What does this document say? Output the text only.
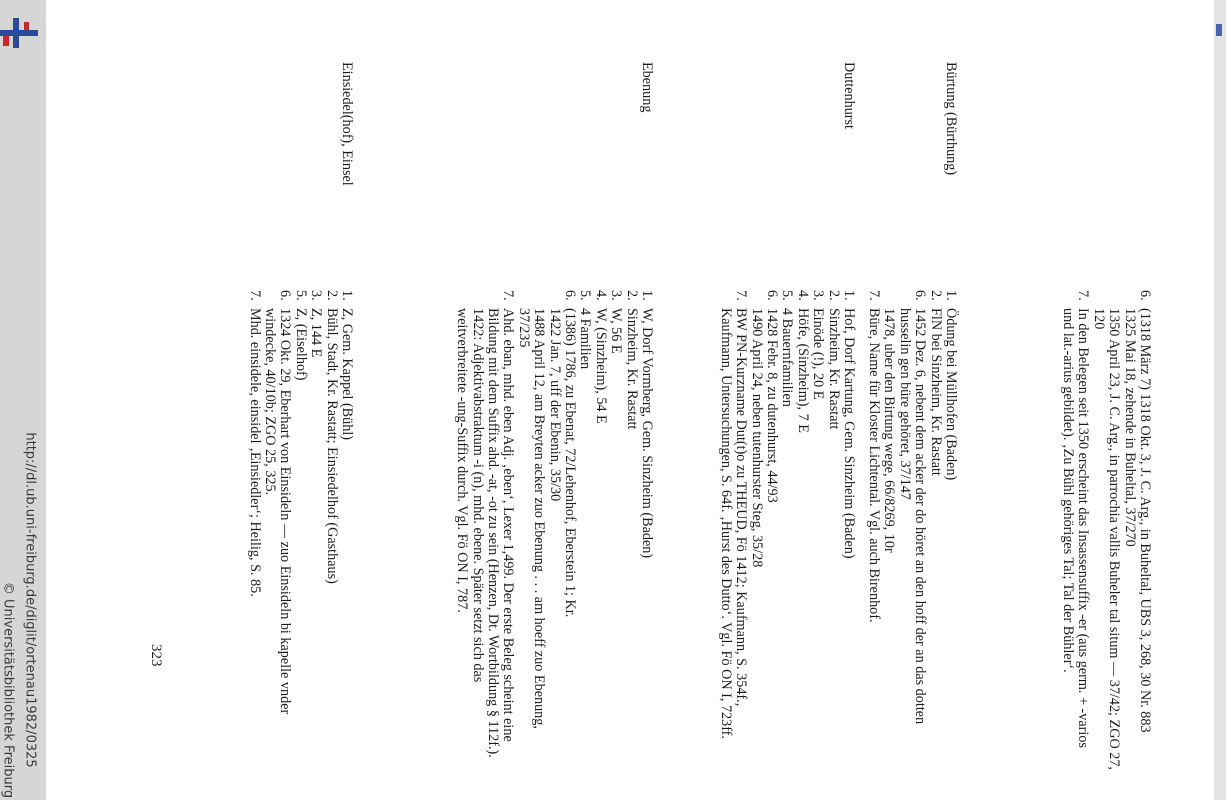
http://dl.ub.uni-freiburg.de/diglit/ortenau1982/0325
© Universitätsbibliothek Freiburg
6.
(1318 März 7) 1318 Okt. 3, J. C. Arg., in Buheltal, UBS 3, 268, 30 Nr. 883
1325 Mai 18, zehende in Buheltal, 37/270
1350 April 23, J. C. Arg., in parrochia vallis Buheler tal situm — 37/42; ZGO 27, 120
7.
In den Belegen seit 1350 erscheint das Insassensuffix -er (aus germ. + -varios und lat.-arius gebildet). ‚Zu Bühl gehöriges Tal; Tal der Bühler‘.
Bürtung (Bürthung)
1.
Ödung bei Müllhofen (Baden)
2.
FlN bei Sinzheim, Kr. Rastatt
6.
1452 Dez. 6, nebent dem acker der do höret an den hoff der an das dotten husselin gen büre gehöret, 37/147
1478, uber den Birtung wege, 66/8269, 10r
7.
Büre, Name für Kloster Lichtental. Vgl. auch Birenhof.
Duttenhurst
1.
Hof, Dorf Kartung, Gem. Sinzheim (Baden)
2.
Sinzheim, Kr. Rastatt
3.
Einöde (!), 20 E
4.
Höfe, (Sinzheim), 7 E
5.
4 Bauernfamilien
6.
1428 Febr. 8, zu dutenhurst, 44/93
1490 April 24, neben tutenhurster Steg, 35/28
7.
BW PN-Kurzname Dut(t)o zu THEUD, Fö 1412; Kaufmann, S. 354f., Kaufmann, Untersuchungen, S. 64f. ‚Hurst des Dutto‘. Vgl. Fö ON I, 723ff.
Ebenung
1.
W, Dorf Vormberg, Gem. Sinzheim (Baden)
2.
Sinzheim, Kr. Rastatt
3.
W, 56 E
4.
W, (Sinzheim), 54 E
5.
4 Familien
6.
(1386) 1786, zu Ebenat, 72/Lehenhof, Eberstein 1; Kr.
1422 Jan. 7, uff der Ebenin, 35/30
1488 April 12, am Breyten acker zuo Ebenung . . . am hoeff zuo Ebenung, 37/235
7.
Ahd. eban, mhd. eben Adj. ‚eben‘, Lexer 1,499. Der erste Beleg scheint eine Bildung mit dem Suffix ahd. -at, -ot zu sein (Henzen, Dt. Wortbildung § 112f.). 1422: Adjektivabstraktum -i (n), mhd. ebene. Später setzt sich das weitverbreitete -ung-Suffix durch. Vgl. Fö ON I, 787.
Einsiedel(hof), Einsel
1.
Z, Gem. Kappel (Bühl)
2.
Bühl, Stadt, Kr. Rastatt; Einsiedelhof (Gasthaus)
3.
Z, 144 E
5.
Z, (Eiselhof)
6.
1324 Okt. 29, Eberhart von Einsideln — zuo Einsideln bi kapelle vnder windecke, 40/10b; ZGO 25, 325.
7.
Mhd. einsidele, einsidel ‚Einsiedler‘; Heilig, S. 85.
323
